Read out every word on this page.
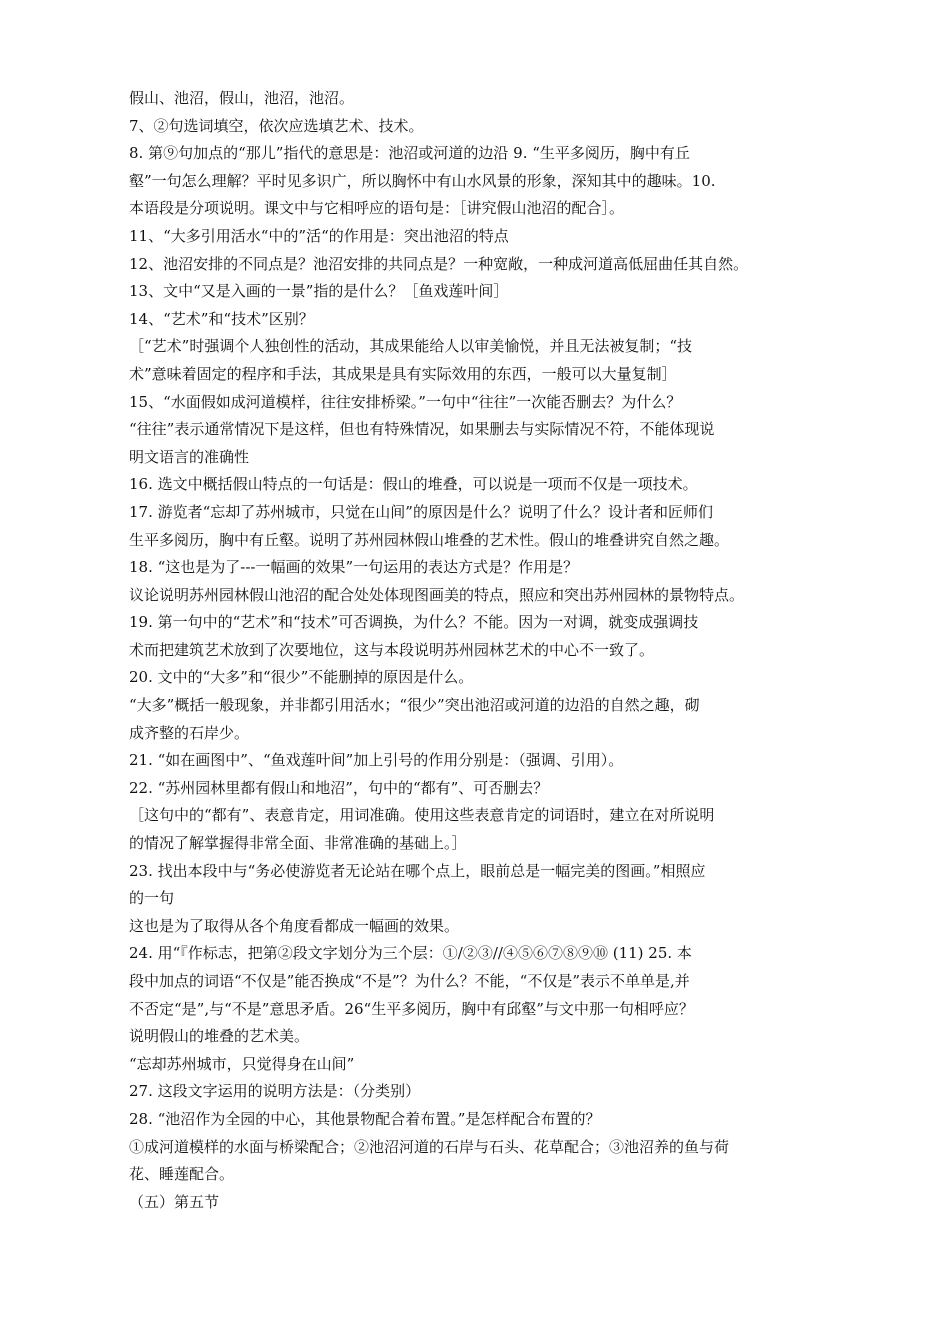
假山、池沼，假山，池沼，池沼。
7、②句选词填空，依次应选填艺术、技术。
8. 第⑨句加点的“那儿”指代的意思是：池沼或河道的边沿 9. “生平多阅历，胸中有丘
壑”一句怎么理解？平时见多识广，所以胸怀中有山水风景的形象，深知其中的趣味。10.
本语段是分项说明。课文中与它相呼应的语句是：［讲究假山池沼的配合］。
11、“大多引用活水“中的”活“的作用是：突出池沼的特点
12、池沼安排的不同点是？池沼安排的共同点是？一种宽敞，一种成河道高低屈曲任其自然。
13、文中“又是入画的一景”指的是什么？［鱼戏莲叶间］
14、“艺术”和“技术”区别？
［“艺术”时强调个人独创性的活动，其成果能给人以审美愉悦，并且无法被复制；“技
术”意味着固定的程序和手法，其成果是具有实际效用的东西，一般可以大量复制］
15、“水面假如成河道模样，往往安排桥梁。”一句中“往往”一次能否删去？为什么？
“往往”表示通常情况下是这样，但也有特殊情况，如果删去与实际情况不符，不能体现说
明文语言的准确性
16. 选文中概括假山特点的一句话是：假山的堆叠，可以说是一项而不仅是一项技术。
17. 游览者“忘却了苏州城市，只觉在山间”的原因是什么？说明了什么？设计者和匠师们
生平多阅历，胸中有丘壑。说明了苏州园林假山堆叠的艺术性。假山的堆叠讲究自然之趣。
18. “这也是为了---一幅画的效果”一句运用的表达方式是？作用是？
议论说明苏州园林假山池沼的配合处处体现图画美的特点，照应和突出苏州园林的景物特点。
19. 第一句中的“艺术”和“技术”可否调换，为什么？不能。因为一对调，就变成强调技
术而把建筑艺术放到了次要地位，这与本段说明苏州园林艺术的中心不一致了。
20. 文中的“大多”和“很少”不能删掉的原因是什么。
“大多”概括一般现象，并非都引用活水；“很少”突出池沼或河道的边沿的自然之趣，砌
成齐整的石岸少。
21. “如在画图中”、“鱼戏莲叶间”加上引号的作用分别是：（强调、引用）。
22. “苏州园林里都有假山和地沼”，句中的“都有”、可否删去？
［这句中的“都有”、表意肯定，用词准确。使用这些表意肯定的词语时，建立在对所说明
的情况了解掌握得非常全面、非常准确的基础上。］
23. 找出本段中与“务必使游览者无论站在哪个点上，眼前总是一幅完美的图画。”相照应
的一句
这也是为了取得从各个角度看都成一幅画的效果。
24. 用“『作标志，把第②段文字划分为三个层：①/②③//④⑤⑥⑦⑧⑨⑩ (11) 25. 本
段中加点的词语“不仅是”能否换成“不是”？为什么？不能，“不仅是”表示不单单是,并
不否定“是”,与“不是”意思矛盾。26“生平多阅历，胸中有邱壑”与文中那一句相呼应？
说明假山的堆叠的艺术美。
“忘却苏州城市，只觉得身在山间”
27. 这段文字运用的说明方法是：（分类别）
28. “池沼作为全园的中心，其他景物配合着布置。”是怎样配合布置的？
①成河道模样的水面与桥梁配合；②池沼河道的石岸与石头、花草配合；③池沼养的鱼与荷
花、睡莲配合。
（五）第五节
